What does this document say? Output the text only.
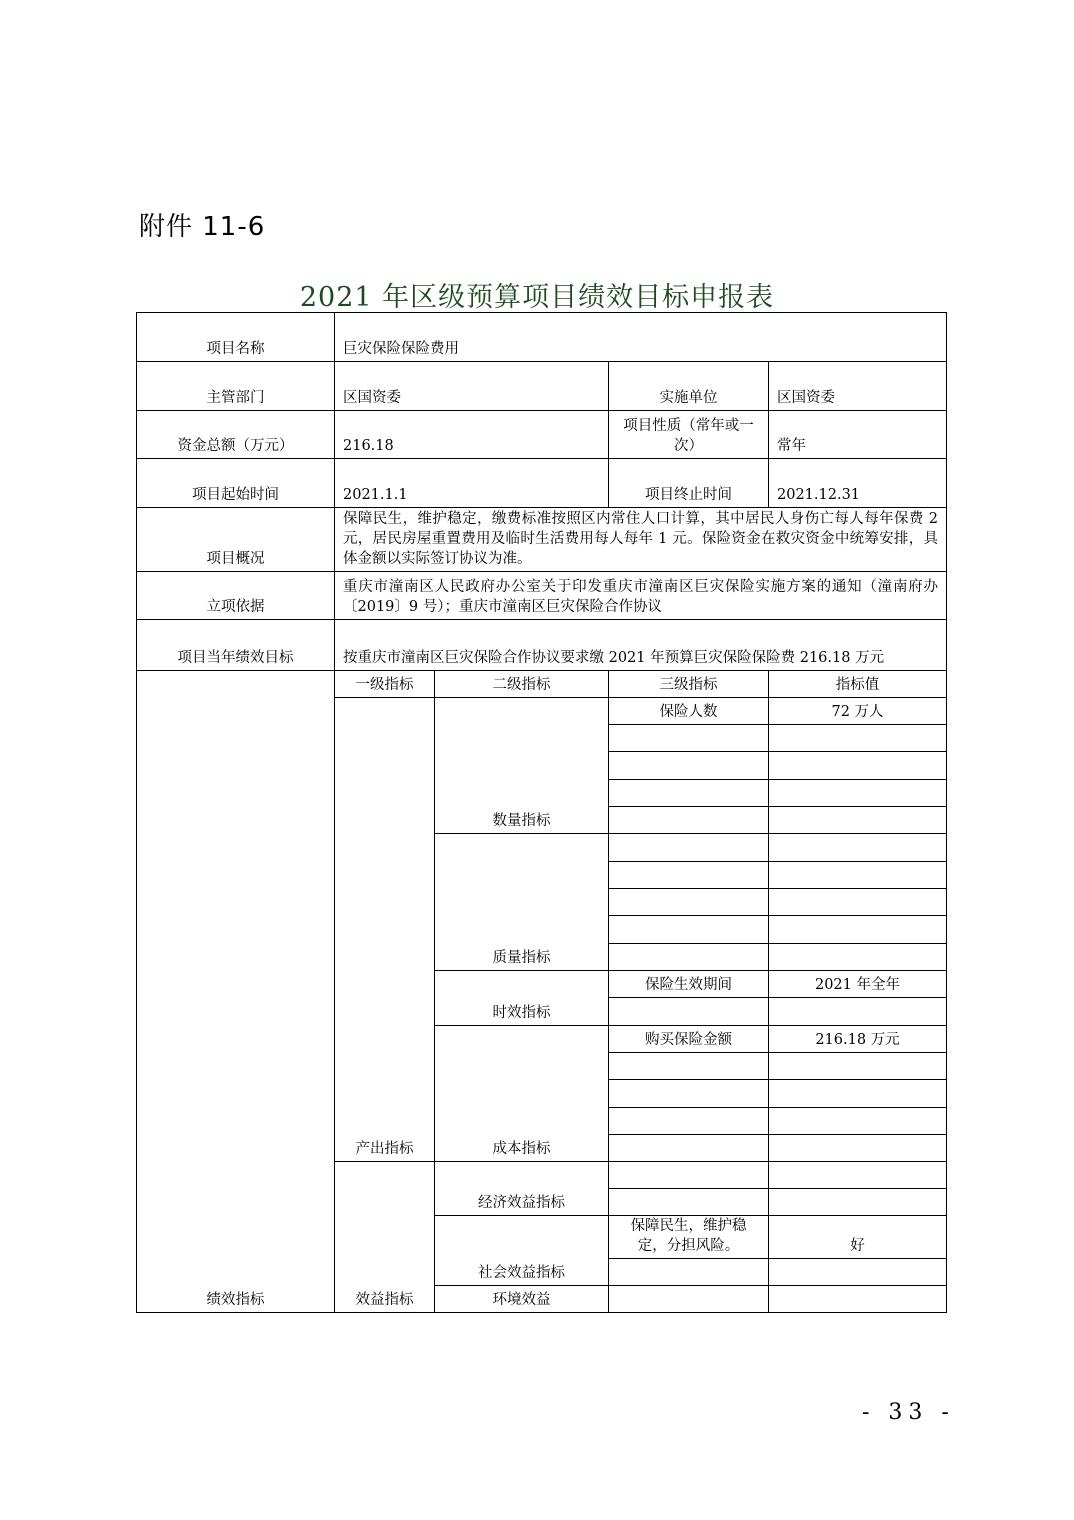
附件 11-6
2021 年区级预算项目绩效目标申报表
项目名称	巨灾保险保险费用			
主管部门	区国资委		实施单位	区国资委
资金总额（万元）	216.18		项目性质（常年或一次）	常年
项目起始时间	2021.1.1		项目终止时间	2021.12.31
项目概况	保障民生，维护稳定，缴费标准按照区内常住人口计算，其中居民人身伤亡每人每年保费 2 元，居民房屋重置费用及临时生活费用每人每年 1 元。保险资金在救灾资金中统筹安排，具体金额以实际签订协议为准。			
立项依据	重庆市潼南区人民政府办公室关于印发重庆市潼南区巨灾保险实施方案的通知（潼南府办〔2019〕9 号）；重庆市潼南区巨灾保险合作协议			
项目当年绩效目标	按重庆市潼南区巨灾保险合作协议要求缴 2021 年预算巨灾保险保险费 216.18 万元			
绩效指标	一级指标	二级指标	三级指标	指标值
	产出指标	数量指标	保险人数	72 万人

		质量指标		

		时效指标	保险生效期间	2021 年全年

		成本指标	购买保险金额	216.18 万元

	效益指标	经济效益指标		

		社会效益指标	保障民生，维护稳定，分担风险。	好

		环境效益		
- 33 -
